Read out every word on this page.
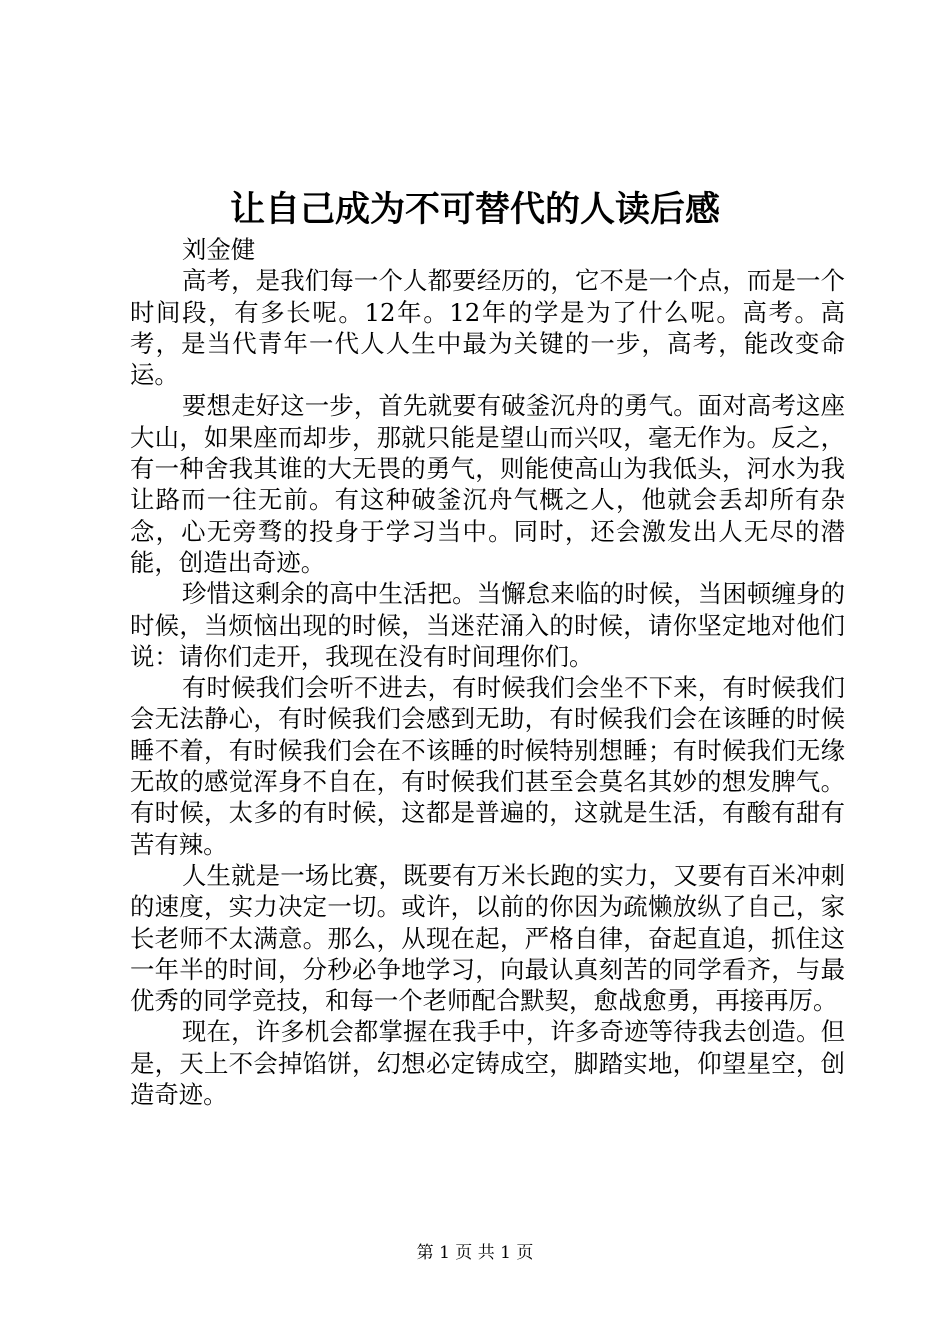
让自己成为不可替代的人读后感

刘金健

高考，是我们每一个人都要经历的，它不是一个点，而是一个时间段，有多长呢。12年。12年的学是为了什么呢。高考。高考，是当代青年一代人人生中最为关键的一步，高考，能改变命运。

要想走好这一步，首先就要有破釜沉舟的勇气。面对高考这座大山，如果座而却步，那就只能是望山而兴叹，毫无作为。反之，有一种舍我其谁的大无畏的勇气，则能使高山为我低头，河水为我让路而一往无前。有这种破釜沉舟气概之人，他就会丢却所有杂念，心无旁骛的投身于学习当中。同时，还会激发出人无尽的潜能，创造出奇迹。

珍惜这剩余的高中生活把。当懈怠来临的时候，当困顿缠身的时候，当烦恼出现的时候，当迷茫涌入的时候，请你坚定地对他们说：请你们走开，我现在没有时间理你们。

有时候我们会听不进去，有时候我们会坐不下来，有时候我们会无法静心，有时候我们会感到无助，有时候我们会在该睡的时候睡不着，有时候我们会在不该睡的时候特别想睡；有时候我们无缘无故的感觉浑身不自在，有时候我们甚至会莫名其妙的想发脾气。有时候，太多的有时候，这都是普遍的，这就是生活，有酸有甜有苦有辣。

人生就是一场比赛，既要有万米长跑的实力，又要有百米冲刺的速度，实力决定一切。或许，以前的你因为疏懒放纵了自己，家长老师不太满意。那么，从现在起，严格自律，奋起直追，抓住这一年半的时间，分秒必争地学习，向最认真刻苦的同学看齐，与最优秀的同学竞技，和每一个老师配合默契，愈战愈勇，再接再厉。

现在，许多机会都掌握在我手中，许多奇迹等待我去创造。但是，天上不会掉馅饼，幻想必定铸成空，脚踏实地，仰望星空，创造奇迹。

第 1 页 共 1 页
